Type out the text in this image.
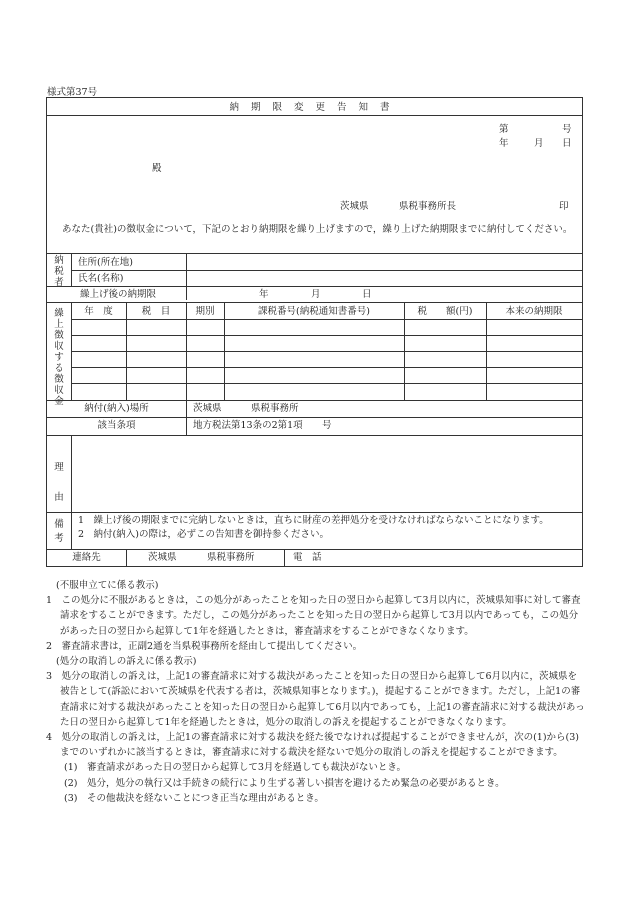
様式第37号
納期限変更告知書
第	号
年	月 日
殿
茨城県	県税事務所長	印
あなた(貴社)の徴収金について，下記のとおり納期限を繰り上げますので，繰り上げた納期限までに納付してください。
納税者
住所(所在地)
氏名(名称)
繰上げ後の納期限	年	月	日
繰上徴収する徴収金
年　度	税　目	期別	課税番号(納税通知書番号)	税　　額(円)	本来の納期限
納付(納入)場所	茨城県	県税事務所
該当条項	地方税法第13条の2第1項 号
理由
備考
1　繰上げ後の期限までに完納しないときは，直ちに財産の差押処分を受けなければならないことになります。
2　納付(納入)の際は，必ずこの告知書を御持参ください。
連絡先	茨城県	県税事務所	電　話

(不服申立てに係る教示)

1　この処分に不服があるときは，この処分があったことを知った日の翌日から起算して3月以内に，茨城県知事に対して審査請求をすることができます。ただし，この処分があったことを知った日の翌日から起算して3月以内であっても，この処分があった日の翌日から起算して1年を経過したときは，審査請求をすることができなくなります。

2　審査請求書は，正副2通を当県税事務所を経由して提出してください。

(処分の取消しの訴えに係る教示)

3　処分の取消しの訴えは，上記1の審査請求に対する裁決があったことを知った日の翌日から起算して6月以内に，茨城県を被告として(訴訟において茨城県を代表する者は，茨城県知事となります。)，提起することができます。ただし，上記1の審査請求に対する裁決があったことを知った日の翌日から起算して6月以内であっても，上記1の審査請求に対する裁決があった日の翌日から起算して1年を経過したときは，処分の取消しの訴えを提起することができなくなります。

4　処分の取消しの訴えは，上記1の審査請求に対する裁決を経た後でなければ提起することができませんが，次の(1)から(3)までのいずれかに該当するときは，審査請求に対する裁決を経ないで処分の取消しの訴えを提起することができます。

(1)　審査請求があった日の翌日から起算して3月を経過しても裁決がないとき。

(2)　処分，処分の執行又は手続きの続行により生ずる著しい損害を避けるため緊急の必要があるとき。

(3)　その他裁決を経ないことにつき正当な理由があるとき。
